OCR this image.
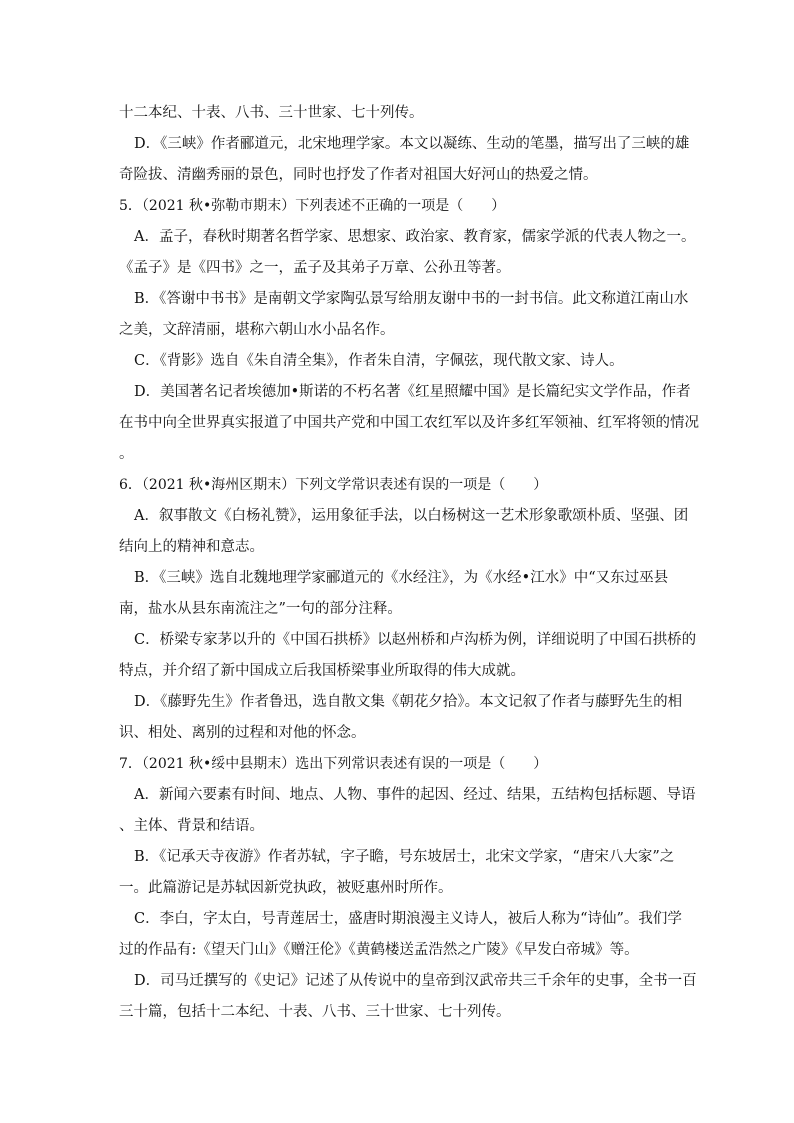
十二本纪、十表、八书、三十世家、七十列传。
D．《三峡》作者郦道元，北宋地理学家。本文以凝练、生动的笔墨，描写出了三峡的雄
奇险拔、清幽秀丽的景色，同时也抒发了作者对祖国大好河山的热爱之情。
5．（2021 秋•弥勒市期末）下列表述不正确的一项是（　　）
A．孟子，春秋时期著名哲学家、思想家、政治家、教育家，儒家学派的代表人物之一。
《孟子》是《四书》之一，孟子及其弟子万章、公孙丑等著。
B．《答谢中书书》是南朝文学家陶弘景写给朋友谢中书的一封书信。此文称道江南山水
之美，文辞清丽，堪称六朝山水小品名作。
C．《背影》选自《朱自清全集》，作者朱自清，字佩弦，现代散文家、诗人。
D．美国著名记者埃德加•斯诺的不朽名著《红星照耀中国》是长篇纪实文学作品，作者
在书中向全世界真实报道了中国共产党和中国工农红军以及许多红军领袖、红军将领的情况
。
6．（2021 秋•海州区期末）下列文学常识表述有误的一项是（　　）
A．叙事散文《白杨礼赞》，运用象征手法，以白杨树这一艺术形象歌颂朴质、坚强、团
结向上的精神和意志。
B．《三峡》选自北魏地理学家郦道元的《水经注》，为《水经•江水》中“又东过巫县
南，盐水从县东南流注之”一句的部分注释。
C．桥梁专家茅以升的《中国石拱桥》以赵州桥和卢沟桥为例，详细说明了中国石拱桥的
特点，并介绍了新中国成立后我国桥梁事业所取得的伟大成就。
D．《藤野先生》作者鲁迅，选自散文集《朝花夕拾》。本文记叙了作者与藤野先生的相
识、相处、离别的过程和对他的怀念。
7．（2021 秋•绥中县期末）选出下列常识表述有误的一项是（　　）
A．新闻六要素有时间、地点、人物、事件的起因、经过、结果，五结构包括标题、导语
、主体、背景和结语。
B．《记承天寺夜游》作者苏轼，字子瞻，号东坡居士，北宋文学家，“唐宋八大家”之
一。此篇游记是苏轼因新党执政，被贬惠州时所作。
C．李白，字太白，号青莲居士，盛唐时期浪漫主义诗人，被后人称为“诗仙”。我们学
过的作品有:《望天门山》《赠汪伦》《黄鹤楼送孟浩然之广陵》《早发白帝城》等。
D．司马迁撰写的《史记》记述了从传说中的皇帝到汉武帝共三千余年的史事，全书一百
三十篇，包括十二本纪、十表、八书、三十世家、七十列传。
